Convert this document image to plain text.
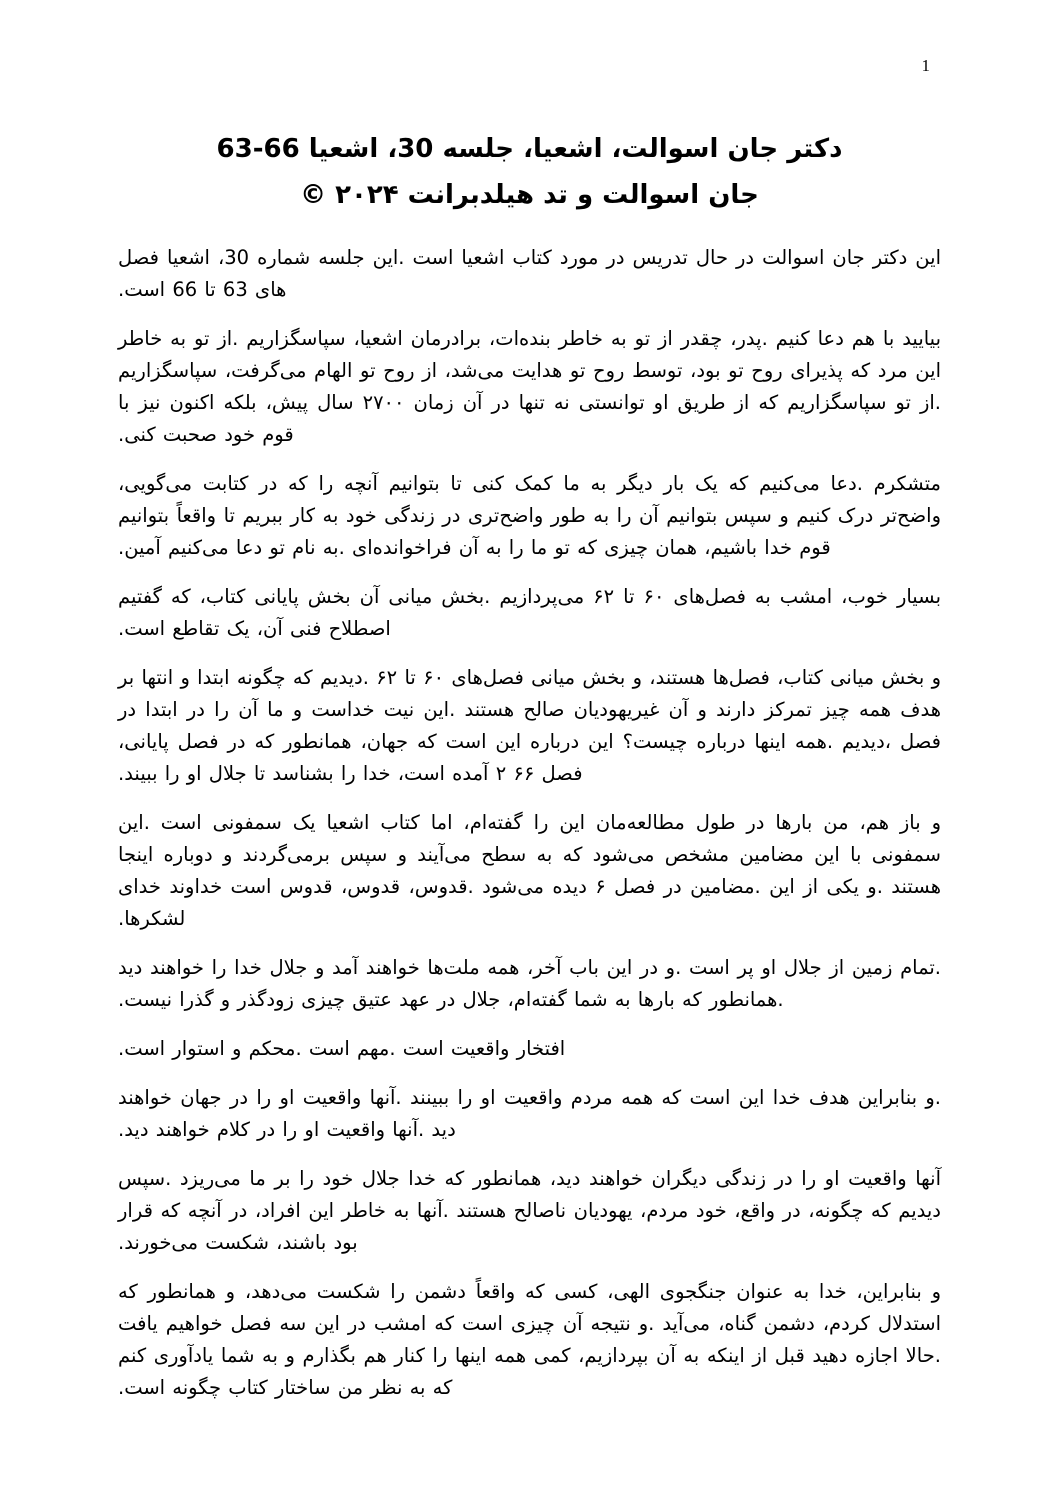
1
دکتر جان اسوالت، اشعیا، جلسه 30، اشعیا 66-63
جان اسوالت و تد هیلدبرانت ۲۰۲۴ ©

این دکتر جان اسوالت در حال تدریس در مورد کتاب اشعیا است .این جلسه شماره 30، اشعیا فصل های 63 تا 66 است.

بیایید با هم دعا کنیم .پدر، چقدر از تو به خاطر بنده‌ات، برادرمان اشعیا، سپاسگزاریم .از تو به خاطر این مرد که پذیرای روح تو بود، توسط روح تو هدایت می‌شد، از روح تو الهام می‌گرفت، سپاسگزاریم .از تو سپاسگزاریم که از طریق او توانستی نه تنها در آن زمان ۲۷۰۰ سال پیش، بلکه اکنون نیز با قوم خود صحبت کنی.

متشکرم .دعا می‌کنیم که یک بار دیگر به ما کمک کنی تا بتوانیم آنچه را که در کتابت می‌گویی، واضح‌تر درک کنیم و سپس بتوانیم آن را به طور واضح‌تری در زندگی خود به کار ببریم تا واقعاً بتوانیم قوم خدا باشیم، همان چیزی که تو ما را به آن فراخوانده‌ای .به نام تو دعا می‌کنیم آمین.

بسیار خوب، امشب به فصل‌های ۶۰ تا ۶۲ می‌پردازیم .بخش میانی آن بخش پایانی کتاب، که گفتیم اصطلاح فنی آن، یک تقاطع است.

و بخش میانی کتاب، فصل‌ها هستند، و بخش میانی فصل‌های ۶۰ تا ۶۲ .دیدیم که چگونه ابتدا و انتها بر هدف همه چیز تمرکز دارند و آن غیریهودیان صالح هستند .این نیت خداست و ما آن را در ابتدا در فصل ،دیدیم .همه اینها درباره چیست؟ این درباره این است که جهان، همانطور که در فصل پایانی، فصل ۶۶ ۲ آمده است، خدا را بشناسد تا جلال او را ببیند.

و باز هم، من بارها در طول مطالعه‌مان این را گفته‌ام، اما کتاب اشعیا یک سمفونی است .این سمفونی با این مضامین مشخص می‌شود که به سطح می‌آیند و سپس برمی‌گردند و دوباره اینجا هستند .و یکی از این .مضامین در فصل ۶ دیده می‌شود .قدوس، قدوس، قدوس است خداوند خدای لشکرها.

.تمام زمین از جلال او پر است .و در این باب آخر، همه ملت‌ها خواهند آمد و جلال خدا را خواهند دید .همانطور که بارها به شما گفته‌ام، جلال در عهد عتیق چیزی زودگذر و گذرا نیست.

افتخار واقعیت است .مهم است .محکم و استوار است.

.و بنابراین هدف خدا این است که همه مردم واقعیت او را ببینند .آنها واقعیت او را در جهان خواهند دید .آنها واقعیت او را در کلام خواهند دید.

آنها واقعیت او را در زندگی دیگران خواهند دید، همانطور که خدا جلال خود را بر ما می‌ریزد .سپس دیدیم که چگونه، در واقع، خود مردم، یهودیان ناصالح هستند .آنها به خاطر این افراد، در آنچه که قرار بود باشند، شکست می‌خورند.

و بنابراین، خدا به عنوان جنگجوی الهی، کسی که واقعاً دشمن را شکست می‌دهد، و همانطور که استدلال کردم، دشمن گناه، می‌آید .و نتیجه آن چیزی است که امشب در این سه فصل خواهیم یافت .حالا اجازه دهید قبل از اینکه به آن بپردازیم، کمی همه اینها را کنار هم بگذارم و به شما یادآوری کنم که به نظر من ساختار کتاب چگونه است.
